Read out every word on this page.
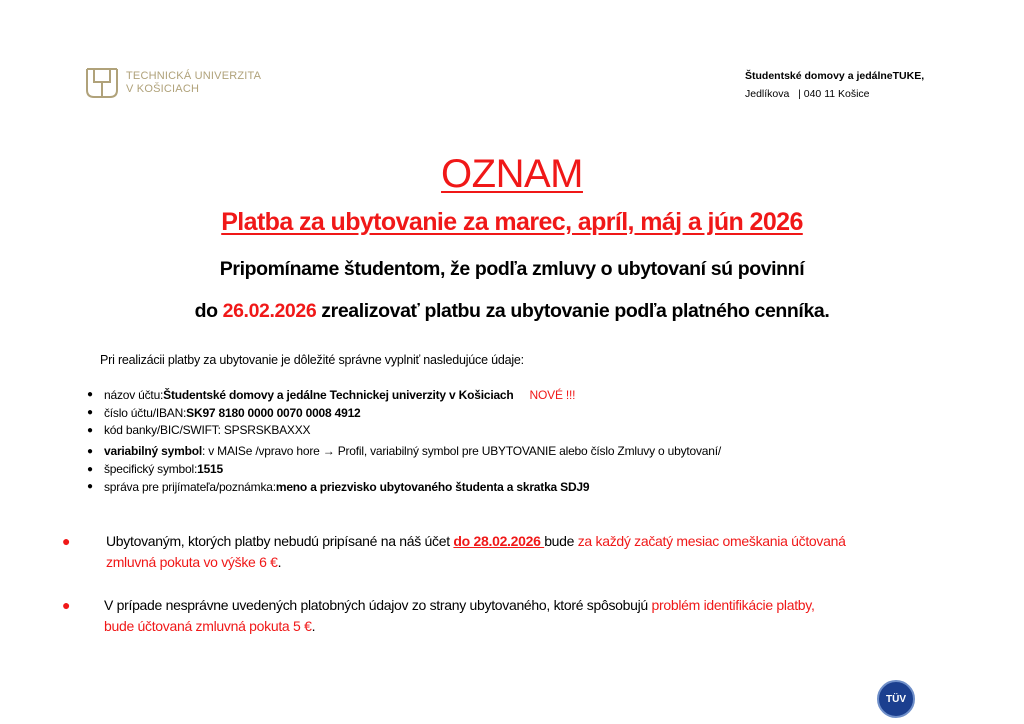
TECHNICKÁ UNIVERZITA
V KOŠICIACH
Študentské domovy a jedálneTUKE,
Jedlíkova   | 040 11 Košice
OZNAM
Platba za ubytovanie za marec, apríl, máj a jún 2026
Pripomíname študentom, že podľa zmluvy o ubytovaní sú povinní
do 26.02.2026 zrealizovať platbu za ubytovanie podľa platného cenníka.
Pri realizácii platby za ubytovanie je dôležité správne vyplniť nasledujúce údaje:
● názov účtu: Študentské domovy a jedálne Technickej univerzity v Košiciach NOVÉ !!!
● číslo účtu/IBAN: SK97 8180 0000 0070 0008 4912
● kód banky/BIC/SWIFT: SPSRSKBAXXX
● variabilný symbol : v MAISe /vpravo hore → Profil, variabilný symbol pre UBYTOVANIE alebo číslo Zmluvy o ubytovaní/
● špecifický symbol: 1515
● správa pre prijímateľa/poznámka: meno a priezvisko ubytovaného študenta a skratka SDJ9
●	Ubytovaným, ktorých platby nebudú pripísané na náš účet do 28.02.2026 bude za každý začatý mesiac omeškania účtovaná
zmluvná pokuta vo výške 6 €.
● V prípade nesprávne uvedených platobných údajov zo strany ubytovaného, ktoré spôsobujú problém identifikácie platby,
bude účtovaná zmluvná pokuta 5 €.
TÜV
